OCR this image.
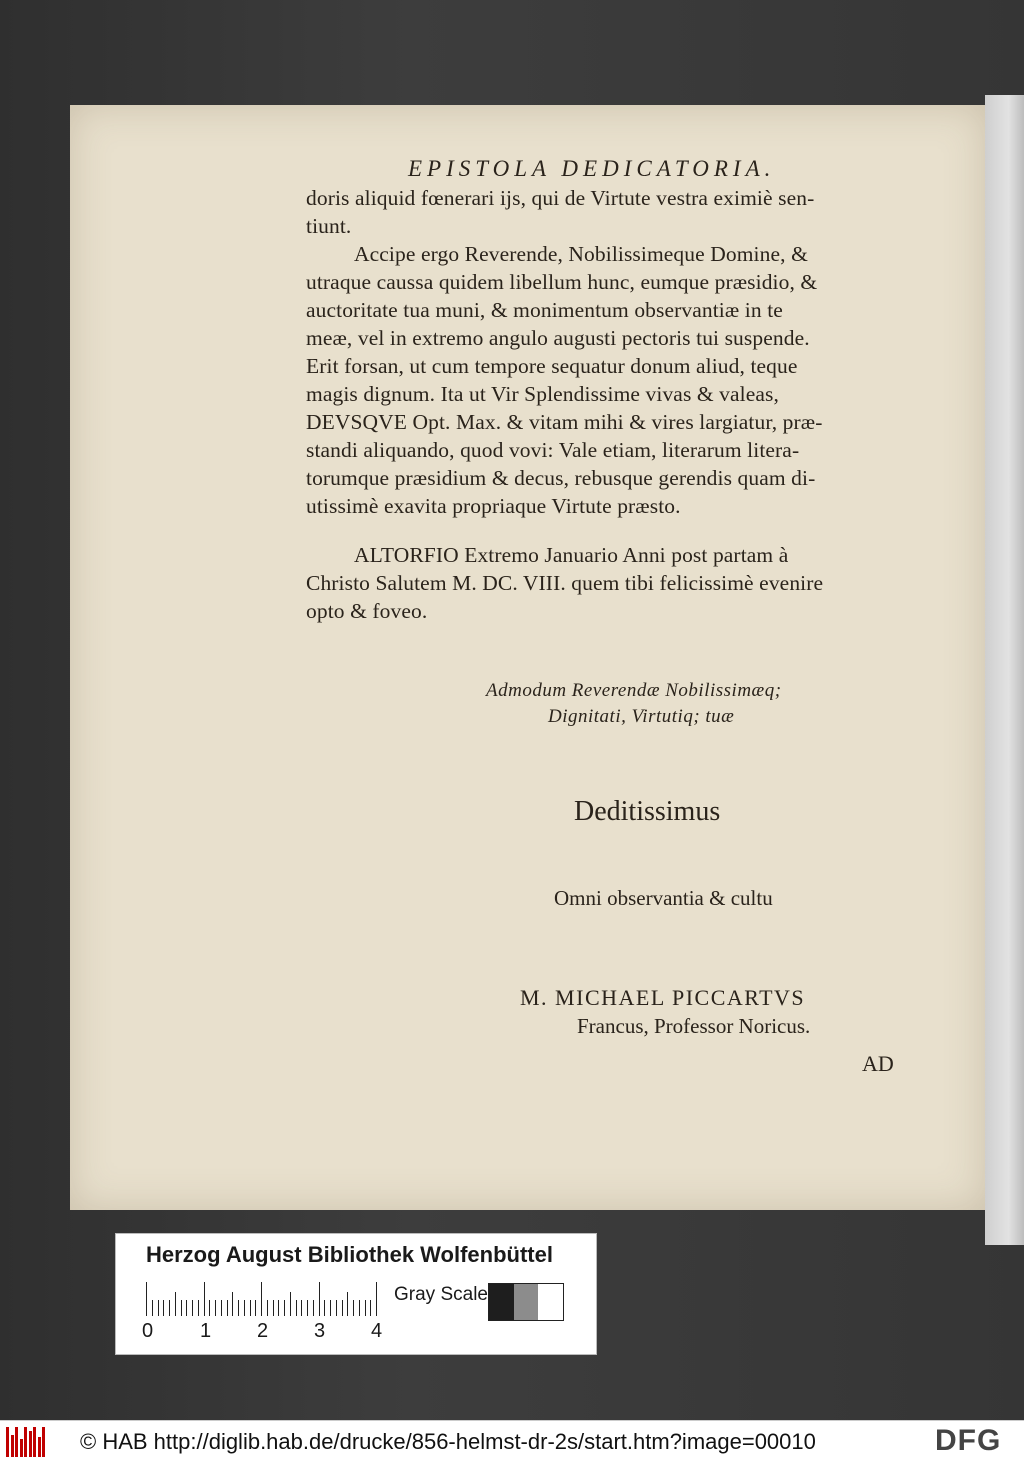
EPISTOLA DEDICATORIA.
doris aliquid fœnerari ijs, qui de Virtute vestra eximiè sen-
tiunt.
Accipe ergo Reverende, Nobilissimeque Domine, &
utraque caussa quidem libellum hunc, eumque præsidio, &
auctoritate tua muni, & monimentum observantiæ in te
meæ, vel in extremo angulo augusti pectoris tui suspende.
Erit forsan, ut cum tempore sequatur donum aliud, teque
magis dignum. Ita ut Vir Splendissime vivas & valeas,
DEVSQVE Opt. Max. & vitam mihi & vires largiatur, præ-
standi aliquando, quod vovi: Vale etiam, literarum litera-
torumque præsidium & decus, rebusque gerendis quam di-
utissimè exavita propriaque Virtute præsto.
ALTORFIO Extremo Januario Anni post partam à
Christo Salutem M. DC. VIII. quem tibi felicissimè evenire
opto & foveo.
Admodum Reverendæ Nobilissimæq;
Dignitati, Virtutiq; tuæ
Deditissimus
Omni observantia & cultu
M. MICHAEL PICCARTVS
Francus, Professor Noricus.
AD
Herzog August Bibliothek Wolfenbüttel
0 1 2 3 4
Gray Scale
© HAB http://diglib.hab.de/drucke/856-helmst-dr-2s/start.htm?image=00010	DFG
